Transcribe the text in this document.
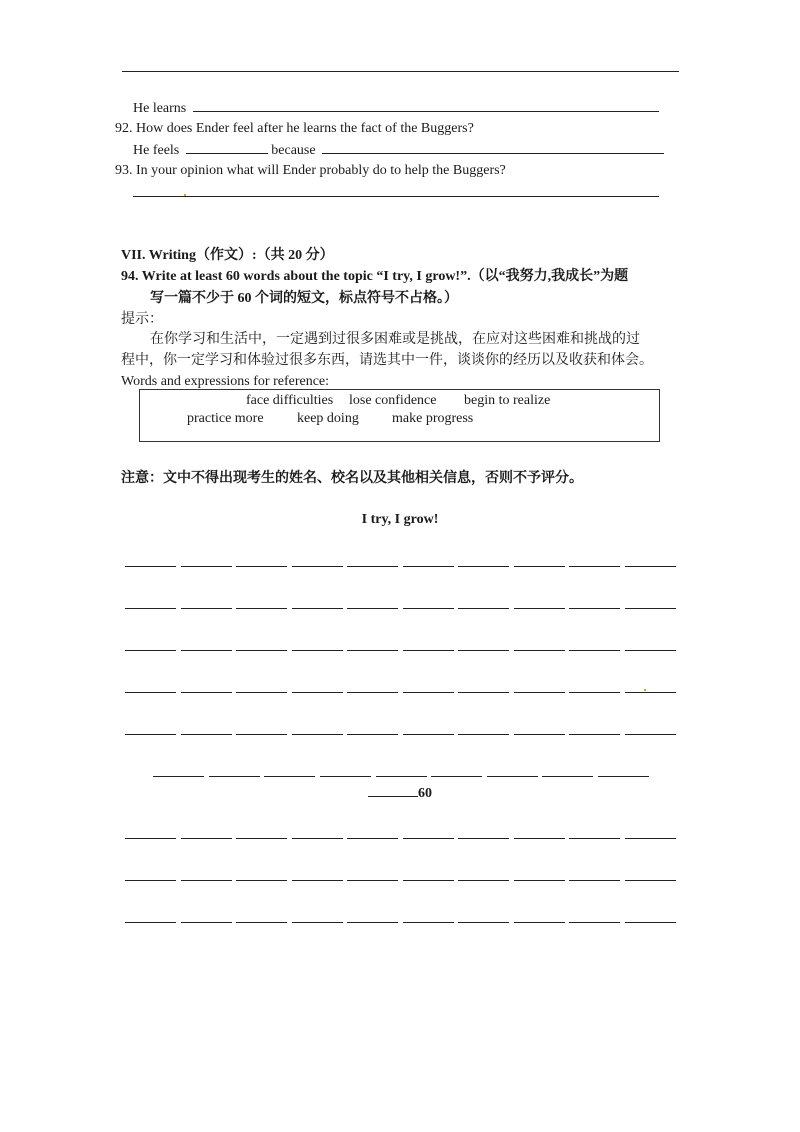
He learns
92. How does Ender feel after he learns the fact of the Buggers?
He feels	because
93. In your opinion what will Ender probably do to help the Buggers?
VII. Writing（作文）:（共 20 分）
94. Write at least 60 words about the topic “I try, I grow!”.（以“我努力,我成长”为题
写一篇不少于 60 个词的短文，标点符号不占格。）
提示：
在你学习和生活中，一定遇到过很多困难或是挑战，在应对这些困难和挑战的过
程中，你一定学习和体验过很多东西，请选其中一件，谈谈你的经历以及收获和体会。
Words and expressions for reference:
face difficulties lose confidence begin to realize
practice more keep doing make progress
注意：文中不得出现考生的姓名、校名以及其他相关信息，否则不予评分。
I try, I grow!
60
